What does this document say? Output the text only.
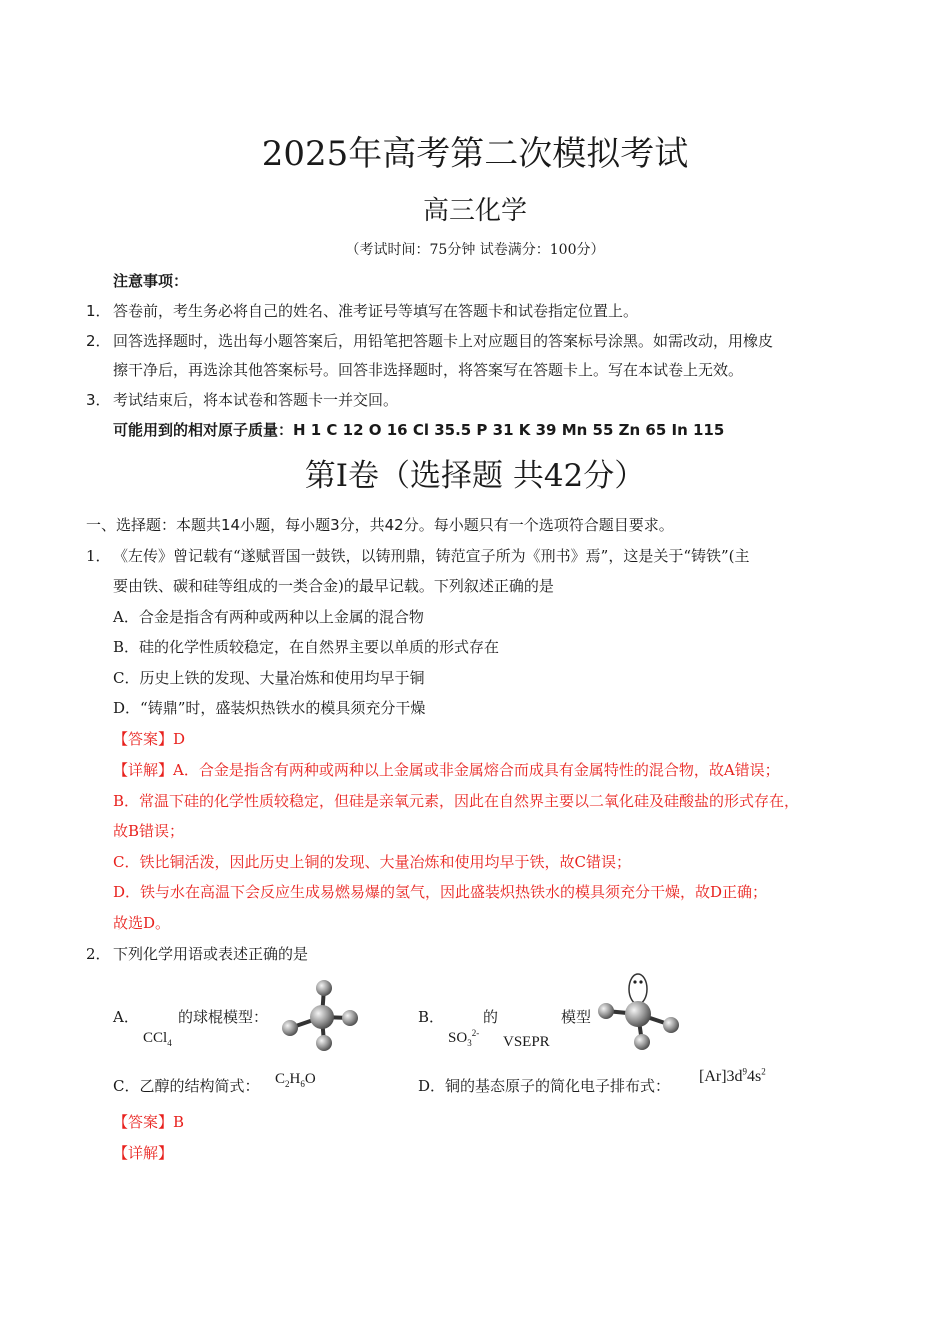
2025年高考第二次模拟考试
高三化学
（考试时间：75分钟 试卷满分：100分）
注意事项：
1． 答卷前，考生务必将自己的姓名、准考证号等填写在答题卡和试卷指定位置上。
2． 回答选择题时，选出每小题答案后，用铅笔把答题卡上对应题目的答案标号涂黑。如需改动，用橡皮
擦干净后，再选涂其他答案标号。回答非选择题时，将答案写在答题卡上。写在本试卷上无效。
3． 考试结束后，将本试卷和答题卡一并交回。
可能用到的相对原子质量：H 1 C 12 O 16 Cl 35.5 P 31 K 39 Mn 55 Zn 65 In 115
第Ⅰ卷（选择题 共42分）
一、选择题：本题共14小题，每小题3分，共42分。每小题只有一个选项符合题目要求。
1． 《左传》曾记载有“遂赋晋国一鼓铁，以铸刑鼎，铸范宣子所为《刑书》焉”，这是关于“铸铁”(主
要由铁、碳和硅等组成的一类合金)的最早记载。下列叙述正确的是
A．合金是指含有两种或两种以上金属的混合物
B．硅的化学性质较稳定，在自然界主要以单质的形式存在
C．历史上铁的发现、大量冶炼和使用均早于铜
D．“铸鼎”时，盛装炽热铁水的模具须充分干燥
【答案】D
【详解】A．合金是指含有两种或两种以上金属或非金属熔合而成具有金属特性的混合物，故A错误；
B．常温下硅的化学性质较稳定，但硅是亲氧元素，因此在自然界主要以二氧化硅及硅酸盐的形式存在，
故B错误；
C．铁比铜活泼，因此历史上铜的发现、大量冶炼和使用均早于铁，故C错误；
D．铁与水在高温下会反应生成易燃易爆的氢气，因此盛装炽热铁水的模具须充分干燥，故D正确；
故选D。
2． 下列化学用语或表述正确的是
A．	的球棍模型：
CCl$_4$
B．	的	模型
$SO_3^{2-}$
VSEPR
C．乙醇的结构简式： $C_2H_6O$	D．铜的基态原子的简化电子排布式：
$[Ar]3d^94s^2$
【答案】B
【详解】
